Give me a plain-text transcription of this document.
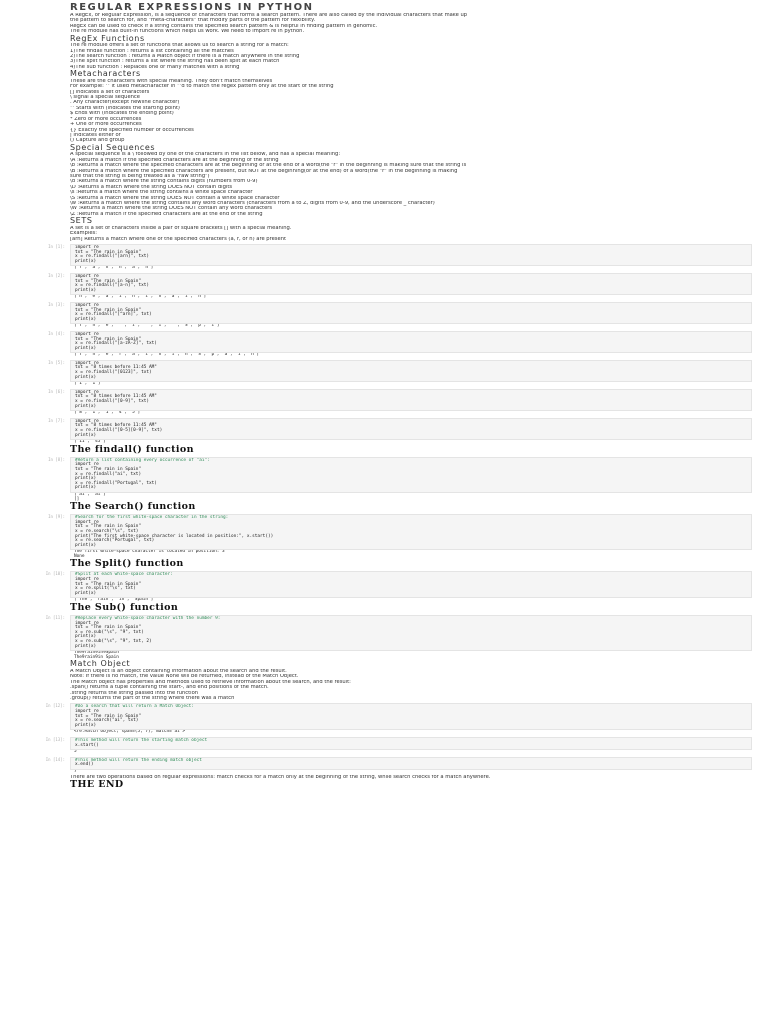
REGULAR EXPRESSIONS IN PYTHON
A RegEx, or Regular Expression, is a sequence of characters that forms a search pattern. There are also called by the individual characters that make up
the pattern to search for, and "meta-characters" that modify parts of the pattern for flexibility.
RegEx can be used to check if a string contains the specified search pattern & is helpful in finding pattern in genomic.
The re module has built-in functions which helps us work. We need to import re in python.
RegEx Functions
The re module offers a set of functions that allows us to search a string for a match:
1)The findall function : returns a list containing all the matches
2)The search function : returns a Match object if there is a match anywhere in the string
3)The split function : returns a list where the string has been split at each match
4)The sub function : Replaces one or many matches with a string
Metacharacters
These are the characters with special meaning. They don't match themselves
For example: ^ it used metacharacter in ^d to match the regex pattern only at the start of the string
[] indicates a set of characters
\ signal a special sequence
. Any character(except newline character)
^ Starts with (indicates the starting point)
$ Ends with (indicates the ending point)
* Zero or more occurrences
+ One or more occurrences
{} Exactly the specified number of occurrences
| Indicates either or
() Capture and group
Special Sequences
A special sequence is a \ followed by one of the characters in the list below, and has a special meaning:
\A :Returns a match if the specified characters are at the beginning of the string
\b :Returns a match where the specified characters are at the beginning or at the end of a word(the "r" in the beginning is making sure that the string is
\B :Returns a match where the specified characters are present, but NOT at the beginning(or at the end) of a word(the "r" in the beginning is making
sure that the string is being treated as a "raw string")
\d :Returns a match where the string contains digits (numbers from 0-9)
\D :Returns a match where the string DOES NOT contain digits
\s :Returns a match where the string contains a white space character
\S :Returns a match where the string DOES NOT contain a white space character
\w :Returns a match where the string contains any word characters (characters from a to Z, digits from 0-9, and the underscore _ character)
\W :Returns a match where the string DOES NOT contain any word characters
\Z :Returns a match if the specified characters are at the end of the string
SETS
A set is a set of characters inside a pair of square brackets [] with a special meaning.
Examples:
[arn] Returns a match where one of the specified characters (a, r, or n) are present
In [1]: import re
txt = "The rain in Spain"
x = re.findall("[arn]", txt)
print(x)
['r', 'a', 'n', 'n', 'a', 'n']
In [2]: import re
txt = "The rain in Spain"
x = re.findall("[a-n]", txt)
print(x)
['h', 'e', 'a', 'i', 'n', 'i', 'n', 'a', 'i', 'n']
In [3]: import re
txt = "The rain in Spain"
x = re.findall("[^arn]", txt)
print(x)
['T', 'h', 'e', ' ', 'i', ' ', 'i', ' ', 'S', 'p', 'i']
In [4]: import re
txt = "The rain in Spain"
x = re.findall("[a-zA-Z]", txt)
print(x)
['T', 'h', 'e', 'r', 'a', 'i', 'n', 'i', 'n', 'S', 'p', 'a', 'i', 'n']
In [5]: import re
txt = "8 times before 11:45 AM"
x = re.findall("[0123]", txt)
print(x)
['1', '1']
In [6]: import re
txt = "8 times before 11:45 AM"
x = re.findall("[0-9]", txt)
print(x)
['8', '1', '1', '4', '5']
In [7]: import re
txt = "8 times before 11:45 AM"
x = re.findall("[0-5][0-9]", txt)
print(x)
['11', '45']
The findall() function
In [8]: #Return a list containing every occurrence of "ai":
import re
txt = "The rain in Spain"
x = re.findall("ai", txt)
print(x)
x = re.findall("Portugal", txt)
print(x)
['ai', 'ai']
[]
The Search() function
In [9]: #Search for the first white-space character in the string:
import re
txt = "The rain in Spain"
x = re.search("\s", txt)
print("The first white-space character is located in position:", x.start())
x = re.search("Portugal", txt)
print(x)
The first white-space character is located in position: 3
None
The Split() function
In [10]: #Split at each white-space character:
import re
txt = "The rain in Spain"
x = re.split("\s", txt)
print(x)
['The', 'rain', 'in', 'Spain']
The Sub() function
In [11]: #Replace every white-space character with the number 9:
import re
txt = "The rain in Spain"
x = re.sub("\s", "9", txt)
print(x)
x = re.sub("\s", "9", txt, 2)
print(x)
The9rain9in9Spain
The9rain9in Spain
Match Object
A Match Object is an object containing information about the search and the result.
Note: If there is no match, the value None will be returned, instead of the Match Object.
The Match object has properties and methods used to retrieve information about the search, and the result:
.span() returns a tuple containing the start-, and end positions of the match.
.string returns the string passed into the function
.group() returns the part of the string where there was a match
In [12]: #Do a search that will return a Match Object:
import re
txt = "The rain in Spain"
x = re.search("ai", txt)
print(x)
<re.Match object; span=(5, 7), match='ai'>
In [13]: #This method will return the starting match object
x.start()
5
In [14]: #This method will return the ending match object
x.end()
7
There are two operations based on regular expressions: match checks for a match only at the beginning of the string, while search checks for a match anywhere.
THE END
